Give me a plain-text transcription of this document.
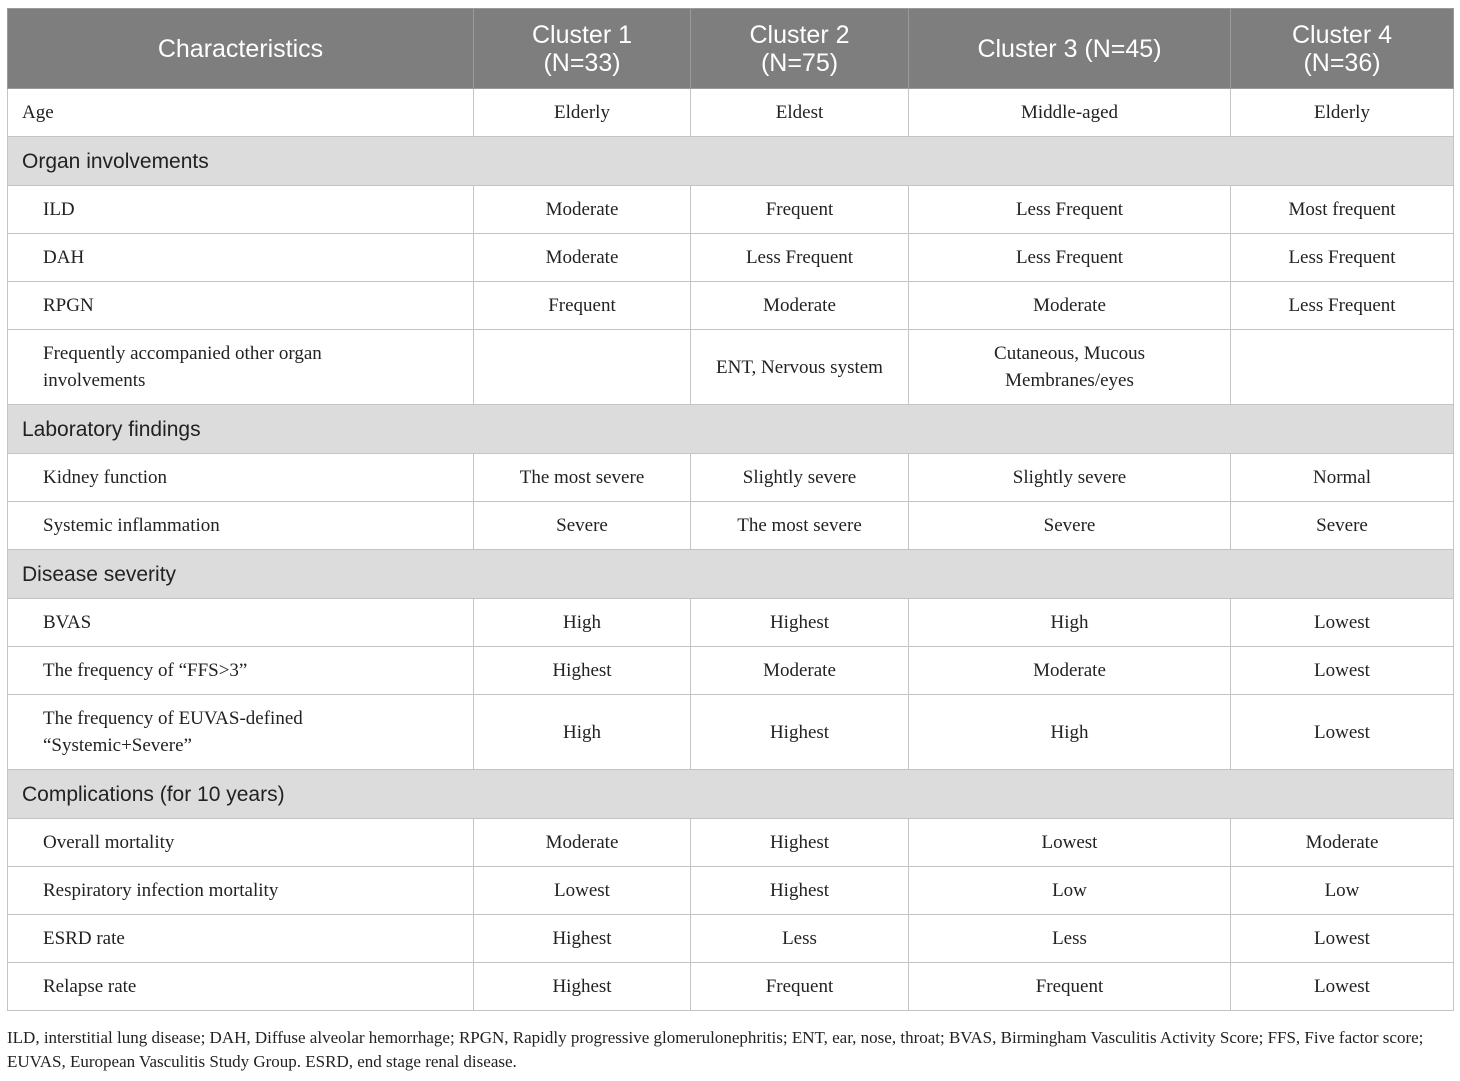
Characteristics	Cluster 1 (N=33)	Cluster 2 (N=75)	Cluster 3 (N=45)	Cluster 4 (N=36)
Age	Elderly	Eldest	Middle-aged	Elderly
Organ involvements				
ILD	Moderate	Frequent	Less Frequent	Most frequent
DAH	Moderate	Less Frequent	Less Frequent	Less Frequent
RPGN	Frequent	Moderate	Moderate	Less Frequent
Frequently accompanied other organ involvements		ENT, Nervous system	Cutaneous, Mucous Membranes/eyes	
Laboratory findings				
Kidney function	The most severe	Slightly severe	Slightly severe	Normal
Systemic inflammation	Severe	The most severe	Severe	Severe
Disease severity				
BVAS	High	Highest	High	Lowest
The frequency of “FFS>3”	Highest	Moderate	Moderate	Lowest
The frequency of EUVAS-defined “Systemic+Severe”	High	Highest	High	Lowest
Complications (for 10 years)				
Overall mortality	Moderate	Highest	Lowest	Moderate
Respiratory infection mortality	Lowest	Highest	Low	Low
ESRD rate	Highest	Less	Less	Lowest
Relapse rate	Highest	Frequent	Frequent	Lowest
ILD, interstitial lung disease; DAH, Diffuse alveolar hemorrhage; RPGN, Rapidly progressive glomerulonephritis; ENT, ear, nose, throat; BVAS, Birmingham Vasculitis Activity Score; FFS, Five factor score; EUVAS, European Vasculitis Study Group. ESRD, end stage renal disease.
